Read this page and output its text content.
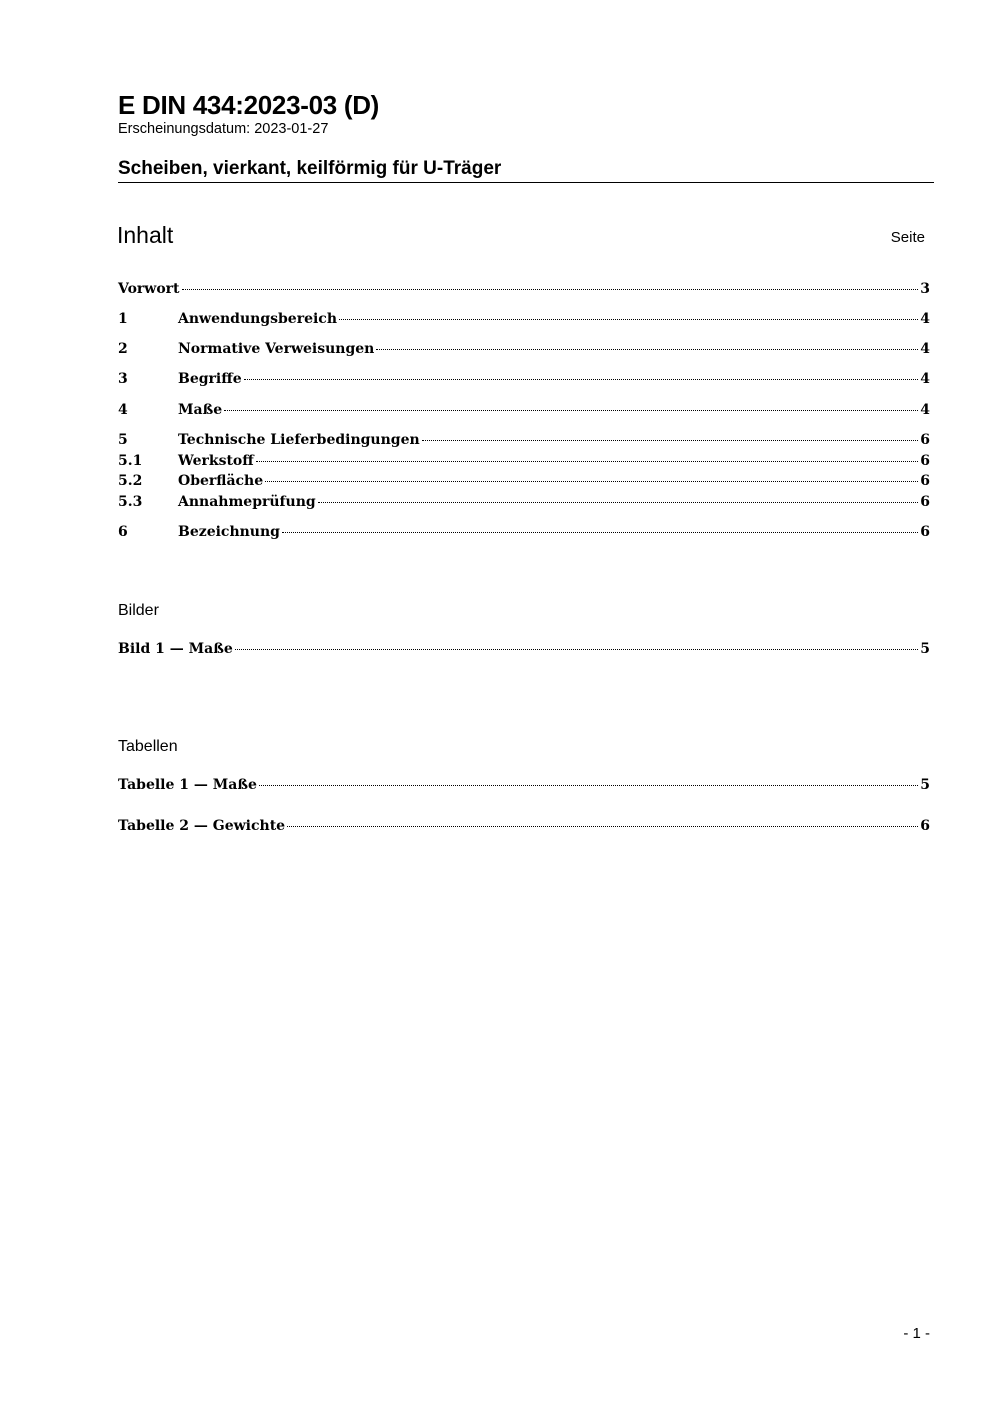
E DIN 434:2023-03 (D)
Erscheinungsdatum: 2023-01-27
Scheiben, vierkant, keilförmig für U-Träger
Inhalt	Seite
Vorwort	3
1	Anwendungsbereich	4
2	Normative Verweisungen	4
3	Begriffe	4
4	Maße	4
5	Technische Lieferbedingungen	6
5.1	Werkstoff	6
5.2	Oberfläche	6
5.3	Annahmeprüfung	6
6	Bezeichnung	6
Bilder
Bild 1 — Maße	5
Tabellen
Tabelle 1 — Maße	5
Tabelle 2 — Gewichte	6
- 1 -
